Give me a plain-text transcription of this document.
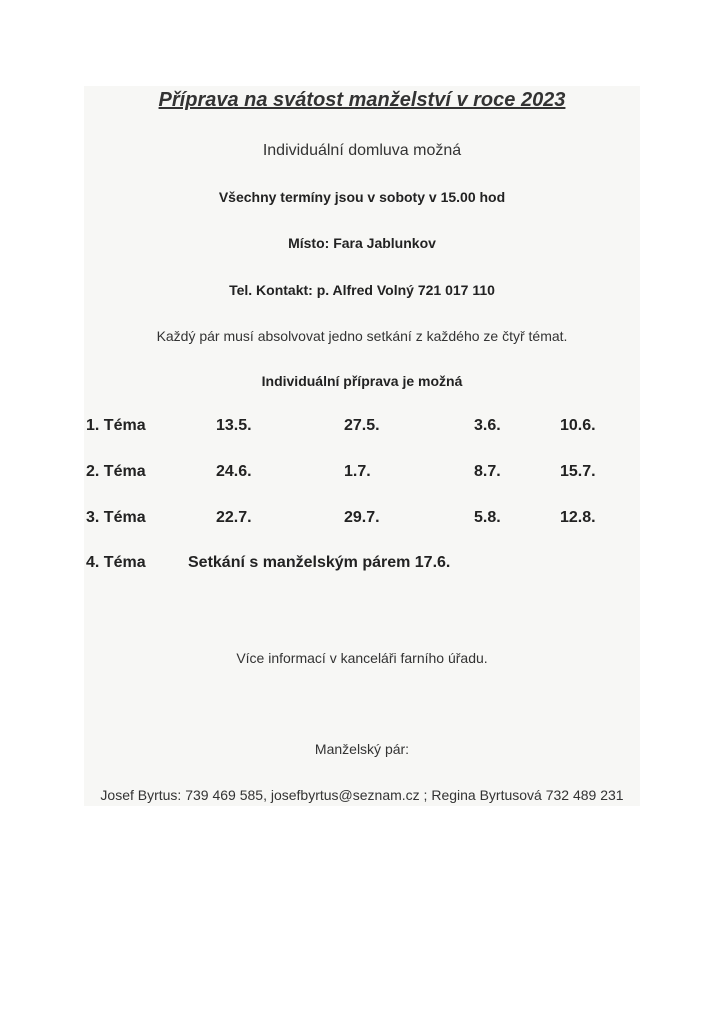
Příprava na svátost manželství v roce 2023
Individuální domluva možná
Všechny termíny jsou v soboty v 15.00 hod
Místo: Fara Jablunkov
Tel. Kontakt: p. Alfred Volný 721 017 110
Každý pár musí absolvovat jedno setkání z každého ze čtyř témat.
Individuální příprava je možná
1. Téma	13.5.	27.5.	3.6.	10.6.
2. Téma	24.6.	1.7.	8.7.	15.7.
3. Téma	22.7.	29.7.	5.8.	12.8.
4. Téma	Setkání s manželským párem 17.6.
Více informací v kanceláři farního úřadu.
Manželský pár:
Josef Byrtus: 739 469 585, josefbyrtus@seznam.cz ; Regina Byrtusová 732 489 231
